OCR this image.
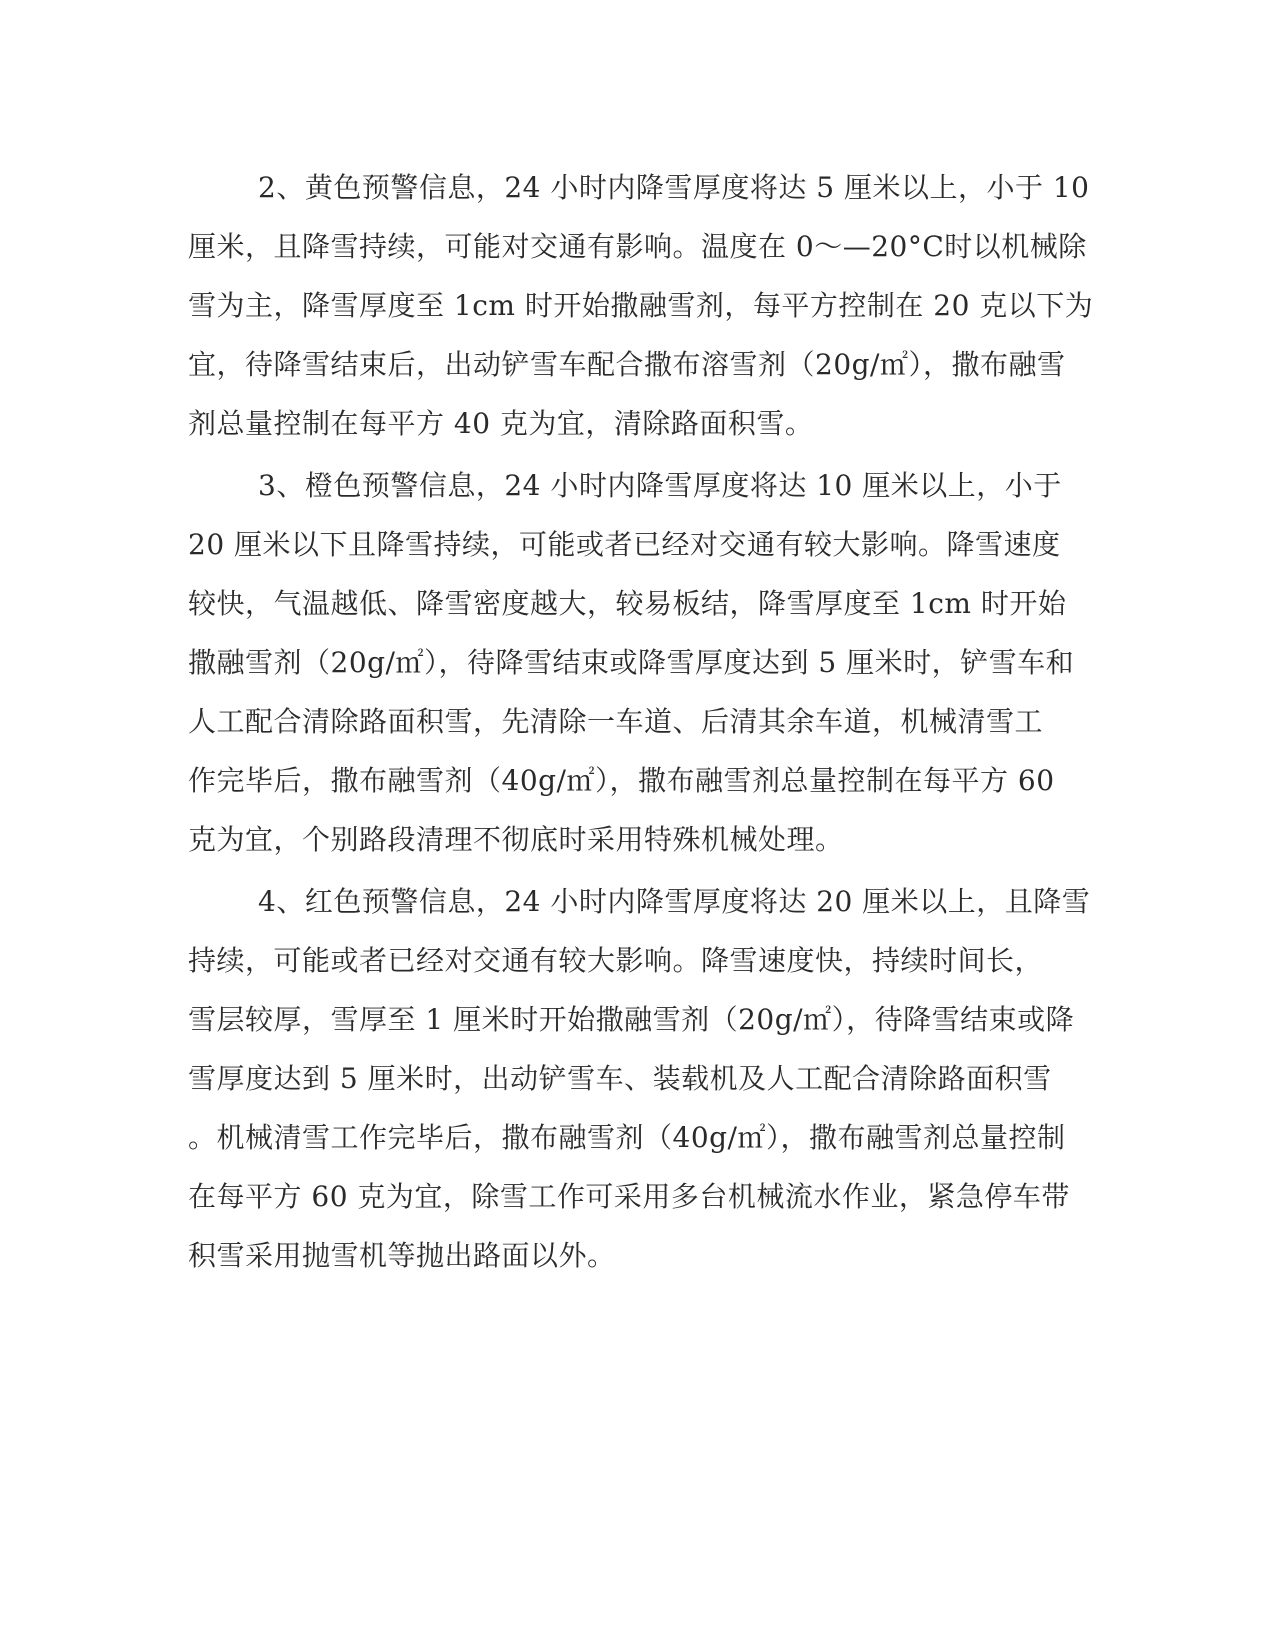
2、黄色预警信息，24 小时内降雪厚度将达 5 厘米以上，小于 10
厘米，且降雪持续，可能对交通有影响。温度在 0～—20°C时以机械除
雪为主，降雪厚度至 1cm 时开始撒融雪剂，每平方控制在 20 克以下为
宜，待降雪结束后，出动铲雪车配合撒布溶雪剂（20g/㎡），撒布融雪
剂总量控制在每平方 40 克为宜，清除路面积雪。

3、橙色预警信息，24 小时内降雪厚度将达 10 厘米以上，小于
20 厘米以下且降雪持续，可能或者已经对交通有较大影响。降雪速度
较快，气温越低、降雪密度越大，较易板结，降雪厚度至 1cm 时开始
撒融雪剂（20g/㎡），待降雪结束或降雪厚度达到 5 厘米时，铲雪车和
人工配合清除路面积雪，先清除一车道、后清其余车道，机械清雪工
作完毕后，撒布融雪剂（40g/㎡），撒布融雪剂总量控制在每平方 60
克为宜，个别路段清理不彻底时采用特殊机械处理。

4、红色预警信息，24 小时内降雪厚度将达 20 厘米以上，且降雪
持续，可能或者已经对交通有较大影响。降雪速度快，持续时间长，
雪层较厚，雪厚至 1 厘米时开始撒融雪剂（20g/㎡），待降雪结束或降
雪厚度达到 5 厘米时，出动铲雪车、装载机及人工配合清除路面积雪
。机械清雪工作完毕后，撒布融雪剂（40g/㎡），撒布融雪剂总量控制
在每平方 60 克为宜，除雪工作可采用多台机械流水作业，紧急停车带
积雪采用抛雪机等抛出路面以外。
